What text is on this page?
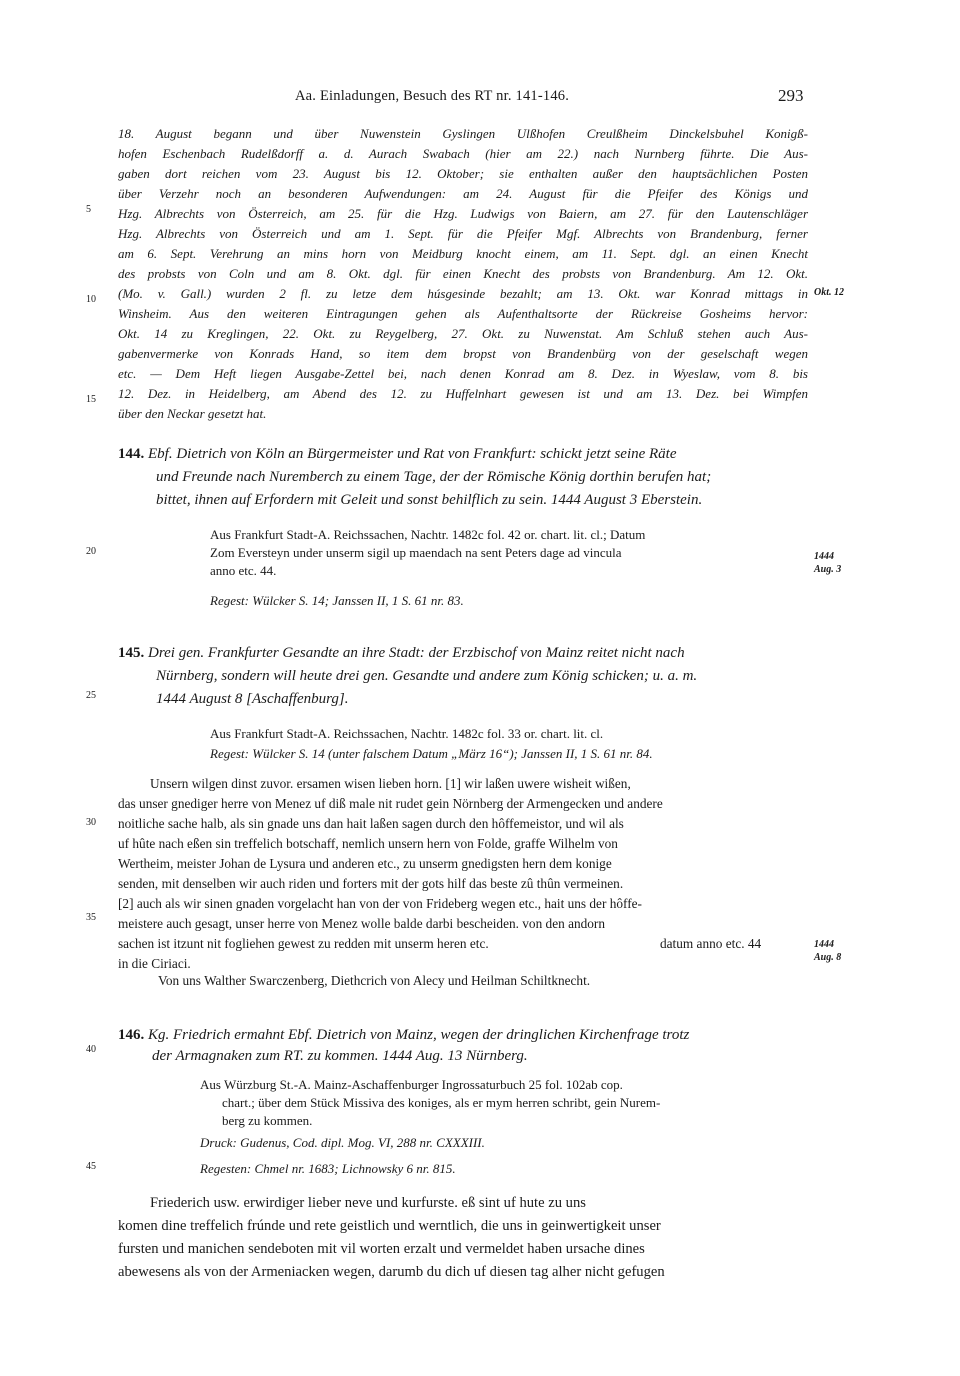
Aa. Einladungen, Besuch des RT nr. 141-146.	293
5
10
15
20
25
30
35
40
45
18. August begann und über Nuwenstein Gyslingen Ulßhofen Creulßheim Dinckelsbuhel Konigß-
hofen Eschenbach Rudelßdorff a. d. Aurach Swabach (hier am 22.) nach Nurnberg führte. Die Aus-
gaben dort reichen vom 23. August bis 12. Oktober; sie enthalten außer den hauptsächlichen Posten
über Verzehr noch an besonderen Aufwendungen: am 24. August für die Pfeifer des Königs und
Hzg. Albrechts von Österreich, am 25. für die Hzg. Ludwigs von Baiern, am 27. für den Lautenschläger
Hzg. Albrechts von Österreich und am 1. Sept. für die Pfeifer Mgf. Albrechts von Brandenburg, ferner
am 6. Sept. Verehrung an mins horn von Meidburg knocht einem, am 11. Sept. dgl. an einen Knecht
des probsts von Coln und am 8. Okt. dgl. für einen Knecht des probsts von Brandenburg. Am 12. Okt.
(Mo. v. Gall.) wurden 2 fl. zu letze dem húsgesinde bezahlt; am 13. Okt. war Konrad mittags in
Winsheim. Aus den weiteren Eintragungen gehen als Aufenthaltsorte der Rückreise Gosheims hervor:
Okt. 14 zu Kreglingen, 22. Okt. zu Reygelberg, 27. Okt. zu Nuwenstat. Am Schluß stehen auch Aus-
gabenvermerke von Konrads Hand, so item dem bropst von Brandenbürg von der geselschaft wegen
etc. — Dem Heft liegen Ausgabe-Zettel bei, nach denen Konrad am 8. Dez. in Wyeslaw, vom 8. bis
12. Dez. in Heidelberg, am Abend des 12. zu Huffelnhart gewesen ist und am 13. Dez. bei Wimpfen
über den Neckar gesetzt hat.
Okt. 12
144. Ebf. Dietrich von Köln an Bürgermeister und Rat von Frankfurt: schickt jetzt seine Räte
und Freunde nach Nuremberch zu einem Tage, der der Römische König dorthin berufen hat;
bittet, ihnen auf Erfordern mit Geleit und sonst behilflich zu sein. 1444 August 3 Eberstein.
Aus Frankfurt Stadt-A. Reichssachen, Nachtr. 1482c fol. 42 or. chart. lit. cl.; Datum
Zom Eversteyn under unserm sigil up maendach na sent Peters dage ad vincula
anno etc. 44.
Regest: Wülcker S. 14; Janssen II, 1 S. 61 nr. 83.
1444
Aug. 3
145. Drei gen. Frankfurter Gesandte an ihre Stadt: der Erzbischof von Mainz reitet nicht nach
Nürnberg, sondern will heute drei gen. Gesandte und andere zum König schicken; u. a. m.
1444 August 8 [Aschaffenburg].
Aus Frankfurt Stadt-A. Reichssachen, Nachtr. 1482c fol. 33 or. chart. lit. cl.
Regest: Wülcker S. 14 (unter falschem Datum „März 16“); Janssen II, 1 S. 61 nr. 84.
Unsern wilgen dinst zuvor. ersamen wisen lieben horn. [1] wir laßen uwere wisheit wißen,
das unser gnediger herre von Menez uf diß male nit rudet gein Nörnberg der Armengecken und andere
noitliche sache halb, als sin gnade uns dan hait laßen sagen durch den hôffemeistor, und wil als
uf hûte nach eßen sin treffelich botschaff, nemlich unsern hern von Folde, graffe Wilhelm von
Wertheim, meister Johan de Lysura und anderen etc., zu unserm gnedigsten hern dem konige
senden, mit denselben wir auch riden und forters mit der gots hilf das beste zû thûn vermeinen.
[2] auch als wir sinen gnaden vorgelacht han von der von Frideberg wegen etc., hait uns der hôffe-
meistere auch gesagt, unser herre von Menez wolle balde darbi bescheiden. von den andorn
sachen ist itzunt nit fogliehen gewest zu redden mit unserm heren etc.	datum anno etc. 44
in die Ciriaci.
Von uns Walther Swarczenberg, Diethcrich von Alecy und Heilman Schiltknecht.
1444
Aug. 8
146. Kg. Friedrich ermahnt Ebf. Dietrich von Mainz, wegen der dringlichen Kirchenfrage trotz
der Armagnaken zum RT. zu kommen. 1444 Aug. 13 Nürnberg.
Aus Würzburg St.-A. Mainz-Aschaffenburger Ingrossaturbuch 25 fol. 102ab cop.
chart.; über dem Stück Missiva des koniges, als er mym herren schribt, gein Nurem-
berg zu kommen.
Druck: Gudenus, Cod. dipl. Mog. VI, 288 nr. CXXXIII.
Regesten: Chmel nr. 1683; Lichnowsky 6 nr. 815.
Friederich usw. erwirdiger lieber neve und kurfurste. eß sint uf hute zu uns
komen dine treffelich frúnde und rete geistlich und werntlich, die uns in geinwertigkeit unser
fursten und manichen sendeboten mit vil worten erzalt und vermeldet haben ursache dines
abewesens als von der Armeniacken wegen, darumb du dich uf diesen tag alher nicht gefugen
